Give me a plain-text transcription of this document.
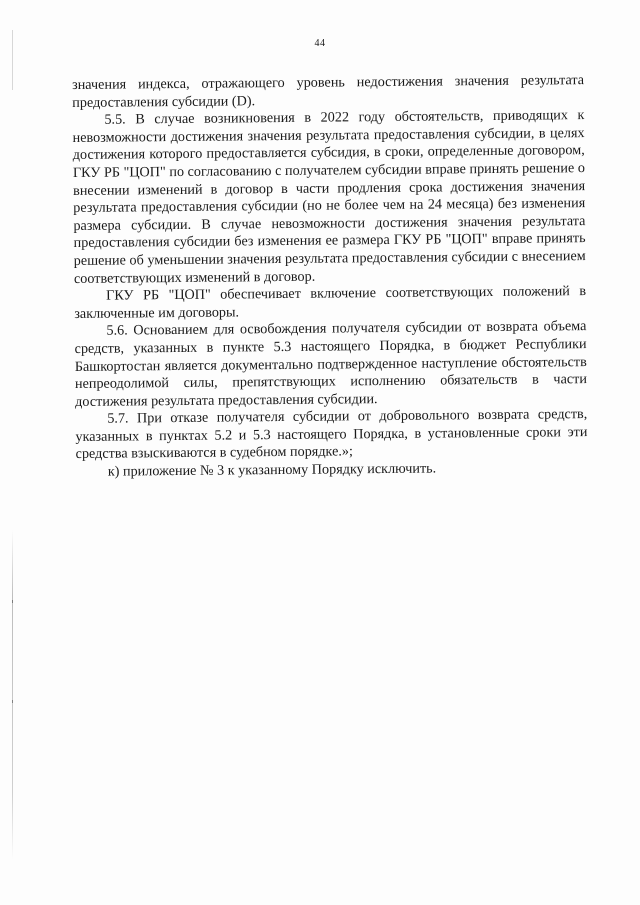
44

значения индекса, отражающего уровень недостижения значения результата предоставления субсидии (D).

5.5. В случае возникновения в 2022 году обстоятельств, приводящих к невозможности достижения значения результата предоставления субсидии, в целях достижения которого предоставляется субсидия, в сроки, определенные договором, ГКУ РБ "ЦОП" по согласованию с получателем субсидии вправе принять решение о внесении изменений в договор в части продления срока достижения значения результата предоставления субсидии (но не более чем на 24 месяца) без изменения размера субсидии. В случае невозможности достижения значения результата предоставления субсидии без изменения ее размера ГКУ РБ "ЦОП" вправе принять решение об уменьшении значения результата предоставления субсидии с внесением соответствующих изменений в договор.

ГКУ РБ "ЦОП" обеспечивает включение соответствующих положений в заключенные им договоры.

5.6. Основанием для освобождения получателя субсидии от возврата объема средств, указанных в пункте 5.3 настоящего Порядка, в бюджет Республики Башкортостан является документально подтвержденное наступление обстоятельств непреодолимой силы, препятствующих исполнению обязательств в части достижения результата предоставления субсидии.

5.7. При отказе получателя субсидии от добровольного возврата средств, указанных в пунктах 5.2 и 5.3 настоящего Порядка, в установленные сроки эти средства взыскиваются в судебном порядке.»;

к) приложение № 3 к указанному Порядку исключить.
